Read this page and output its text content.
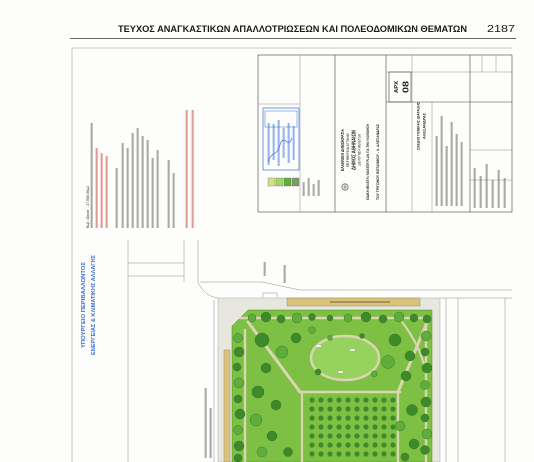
ΤΕΥΧΟΣ ΑΝΑΓΚΑΣΤΙΚΩΝ ΑΠΑΛΛΟΤΡΙΩΣΕΩΝ ΚΑΙ ΠΟΛΕΟΔΟΜΙΚΩΝ ΘΕΜΑΤΩΝ 2187
Εμβ. Οικοπ. : 17.000,00μ2
ΥΠΟΥΡΓΕΙΟ ΠΕΡΙΒΑΛΛΟΝΤΟΣ ΕΝΕΡΓΕΙΑΣ & ΚΛΙΜΑΤΙΚΗΣ ΑΛΛΑΓΗΣ
ΕΛΛΗΝΙΚΗ ΔΗΜΟΚΡΑΤΙΑ ΠΕΡΙΦΕΡΕΙΑ ΑΤΤΙΚΗΣ ΔΗΜΟΣ ΑΘΗΝΑΙΩΝ ΔΙΕΥΘΥΝΣΗ ΜΕΛΕΤΩΝ ΕΙΔΙΚΗ ΜΕΛΕΤΗ / MASTER PLAN ΓΙΑ ΤΗΝ ΥΛΟΠΟΙΗΣΗ ΤΟΥ ΤΡΙΓΩΝΟΥ ΒΟΤΑΝΙΚΟΥ - Λ. ΑΛΕΞΑΝΔΡΑΣ
ΑΡΧ 08
ΣΧΕΔΙΟ ΓΕΝΙΚΗΣ ΔΙΑΤΑΞΗΣ ΑΛΕΞΑΝΔΡΑΣ
